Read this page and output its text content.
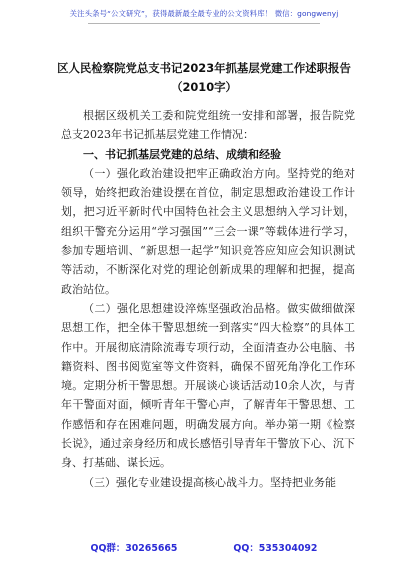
关注头条号“公文研究”，获得最新最全最专业的公文资料库！ 微信：gongwenyj
区人民检察院党总支书记2023年抓基层党建工作述职报告
（2010字）

根据区级机关工委和院党组统一安排和部署，报告院党总支2023年书记抓基层党建工作情况：

一、书记抓基层党建的总结、成绩和经验

（一）强化政治建设把牢正确政治方向。坚持党的绝对领导，始终把政治建设摆在首位，制定思想政治建设工作计划，把习近平新时代中国特色社会主义思想纳入学习计划，组织干警充分运用“学习强国”“三会一课”等载体进行学习，参加专题培训、“新思想一起学”知识竞答应知应会知识测试等活动，不断深化对党的理论创新成果的理解和把握，提高政治站位。

（二）强化思想建设淬炼坚强政治品格。做实做细做深思想工作，把全体干警思想统一到落实“四大检察”的具体工作中。开展彻底清除流毒专项行动，全面清查办公电脑、书籍资料、图书阅览室等文件资料，确保不留死角净化工作环境。定期分析干警思想。开展谈心谈话活动10余人次，与青年干警面对面，倾听青年干警心声，了解青年干警思想、工作感悟和存在困难问题，明确发展方向。举办第一期《检察长说》，通过亲身经历和成长感悟引导青年干警放下心、沉下身、打基础、谋长远。

（三）强化专业建设提高核心战斗力。坚持把业务能

QQ群：30265665	QQ：535304092
